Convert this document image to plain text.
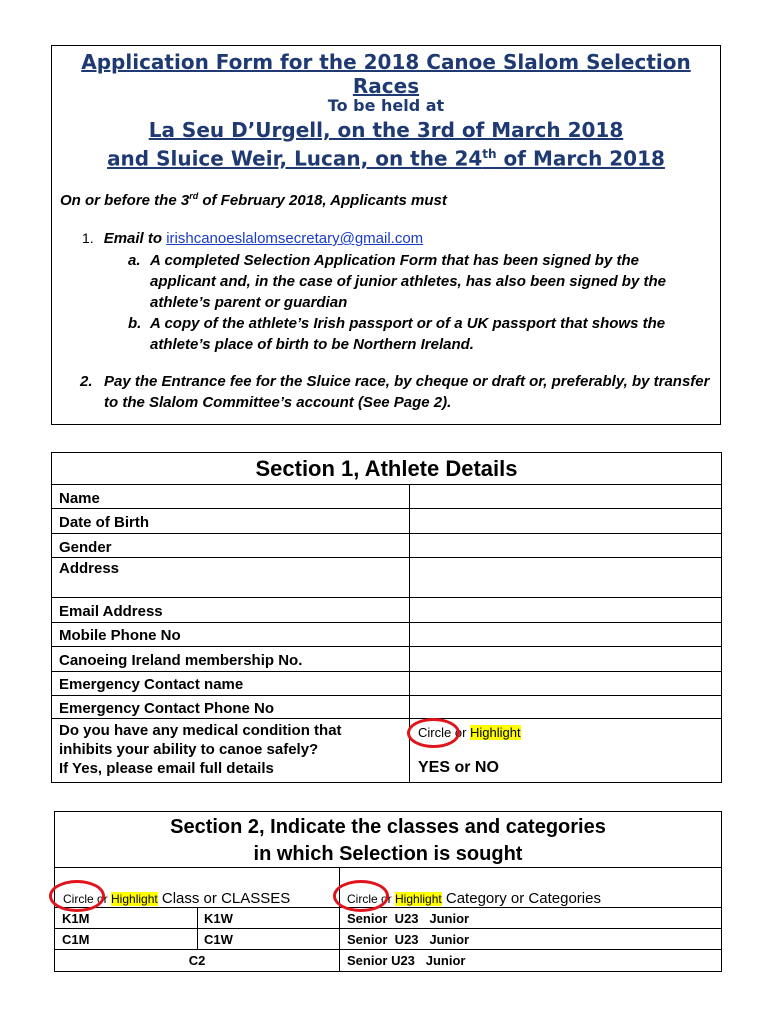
Application Form for the 2018 Canoe Slalom Selection Races
To be held at
La Seu D’Urgell, on the 3rd of March 2018
and Sluice Weir, Lucan, on the 24th of March 2018
On or before the 3rd of February 2018, Applicants must
1. Email to irishcanoeslalomsecretary@gmail.com
a. A completed Selection Application Form that has been signed by the applicant and, in the case of junior athletes, has also been signed by the athlete’s parent or guardian
b. A copy of the athlete’s Irish passport or of a UK passport that shows the athlete’s place of birth to be Northern Ireland.
2. Pay the Entrance fee for the Sluice race, by cheque or draft or, preferably, by transfer to the Slalom Committee’s account (See Page 2).
Section 1, Athlete Details
Name
Date of Birth
Gender
Address
Email Address
Mobile Phone No
Canoeing Ireland membership No.
Emergency Contact name
Emergency Contact Phone No
Do you have any medical condition that
inhibits your ability to canoe safely?
If Yes, please email full details
Circle or Highlight
YES or NO
Section 2, Indicate the classes and categories
in which Selection is sought
Circle or Highlight Class or CLASSES	Circle or Highlight Category or Categories
K1M	K1W	Senior  U23   Junior
C1M	C1W	Senior  U23   Junior
C2	Senior U23   Junior
